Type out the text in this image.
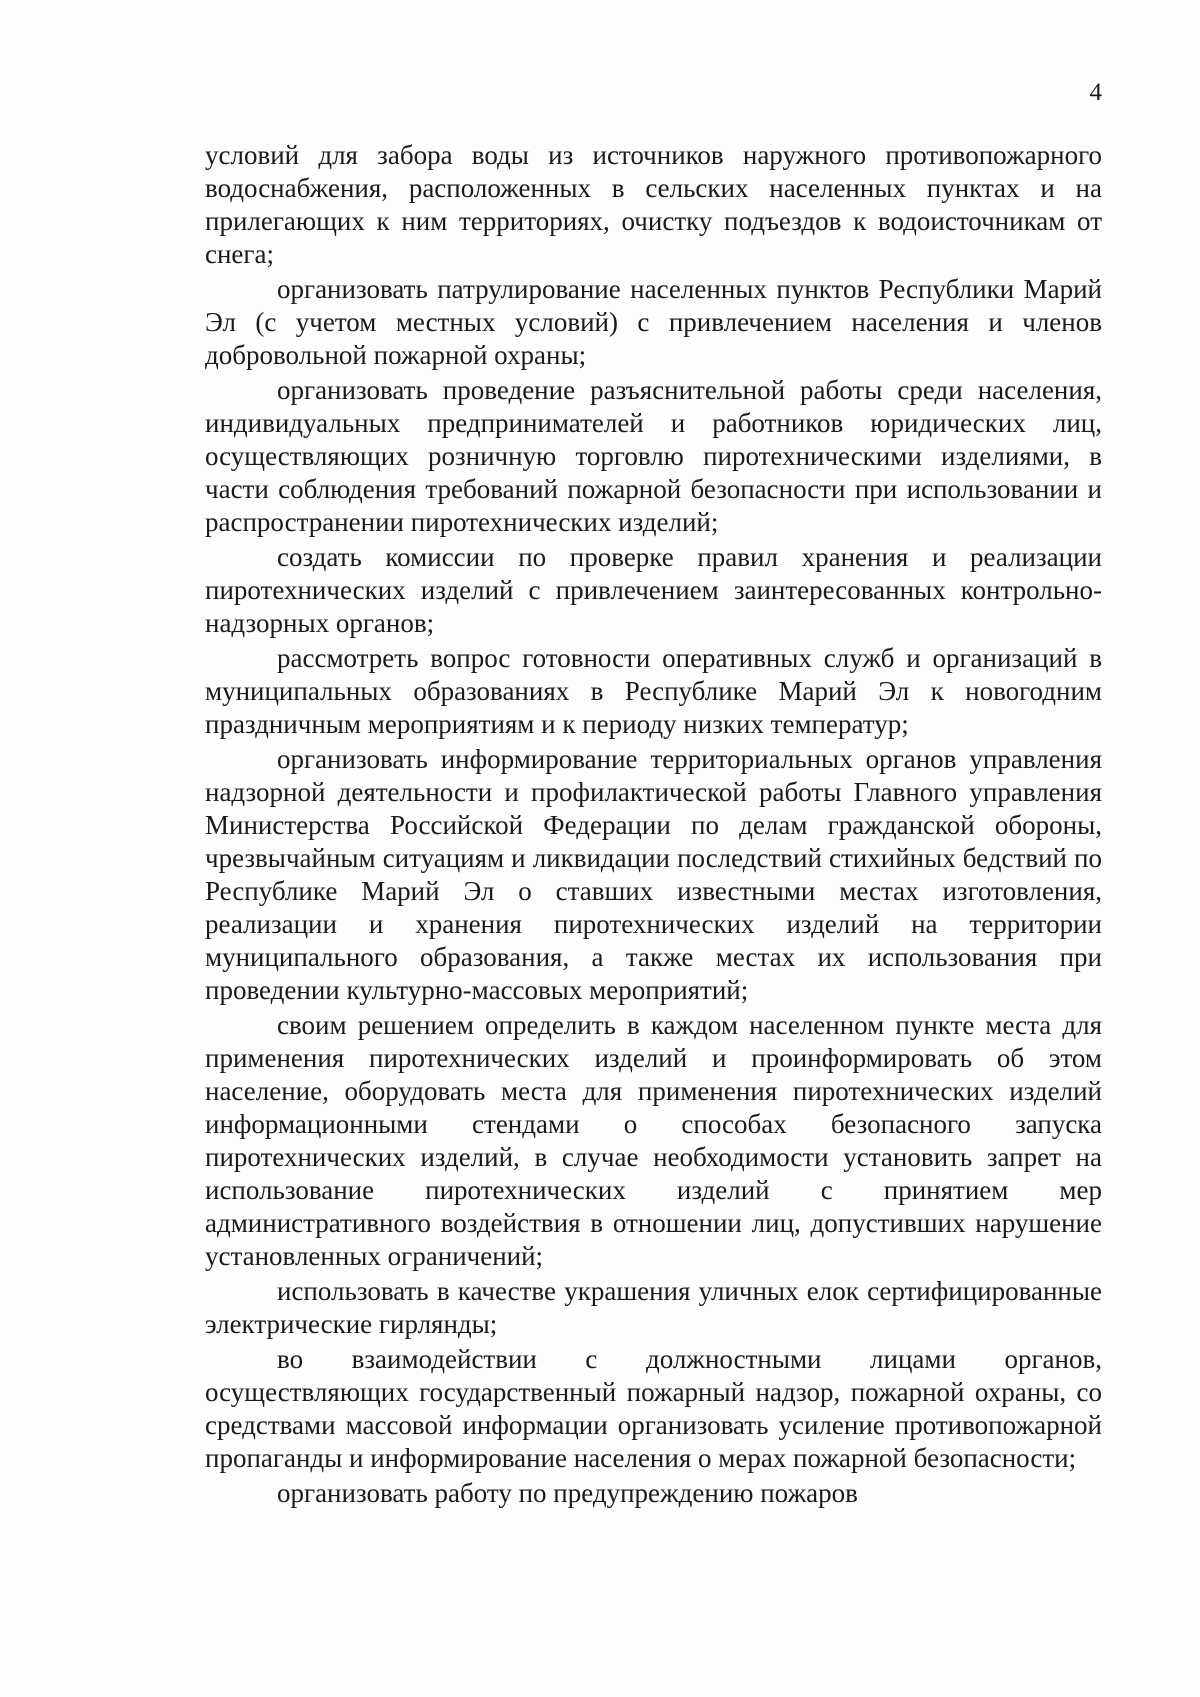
4

условий для забора воды из источников наружного противопожарного водоснабжения, расположенных в сельских населенных пунктах и на прилегающих к ним территориях, очистку подъездов к водоисточникам от снега;

организовать патрулирование населенных пунктов Республики Марий Эл (с учетом местных условий) с привлечением населения и членов добровольной пожарной охраны;

организовать проведение разъяснительной работы среди населения, индивидуальных предпринимателей и работников юридических лиц, осуществляющих розничную торговлю пиротехническими изделиями, в части соблюдения требований пожарной безопасности при использовании и распространении пиротехнических изделий;

создать комиссии по проверке правил хранения и реализации пиротехнических изделий с привлечением заинтересованных контрольно-надзорных органов;

рассмотреть вопрос готовности оперативных служб и организаций в муниципальных образованиях в Республике Марий Эл к новогодним праздничным мероприятиям и к периоду низких температур;

организовать информирование территориальных органов управления надзорной деятельности и профилактической работы Главного управления Министерства Российской Федерации по делам гражданской обороны, чрезвычайным ситуациям и ликвидации последствий стихийных бедствий по Республике Марий Эл о ставших известными местах изготовления, реализации и хранения пиротехнических изделий на территории муниципального образования, а также местах их использования при проведении культурно-массовых мероприятий;

своим решением определить в каждом населенном пункте места для применения пиротехнических изделий и проинформировать об этом население, оборудовать места для применения пиротехнических изделий информационными стендами о способах безопасного запуска пиротехнических изделий, в случае необходимости установить запрет на использование пиротехнических изделий с принятием мер административного воздействия в отношении лиц, допустивших нарушение установленных ограничений;

использовать в качестве украшения уличных елок сертифицированные электрические гирлянды;

во взаимодействии с должностными лицами органов, осуществляющих государственный пожарный надзор, пожарной охраны, со средствами массовой информации организовать усиление противопожарной пропаганды и информирование населения о мерах пожарной безопасности;

организовать работу по предупреждению пожаров
